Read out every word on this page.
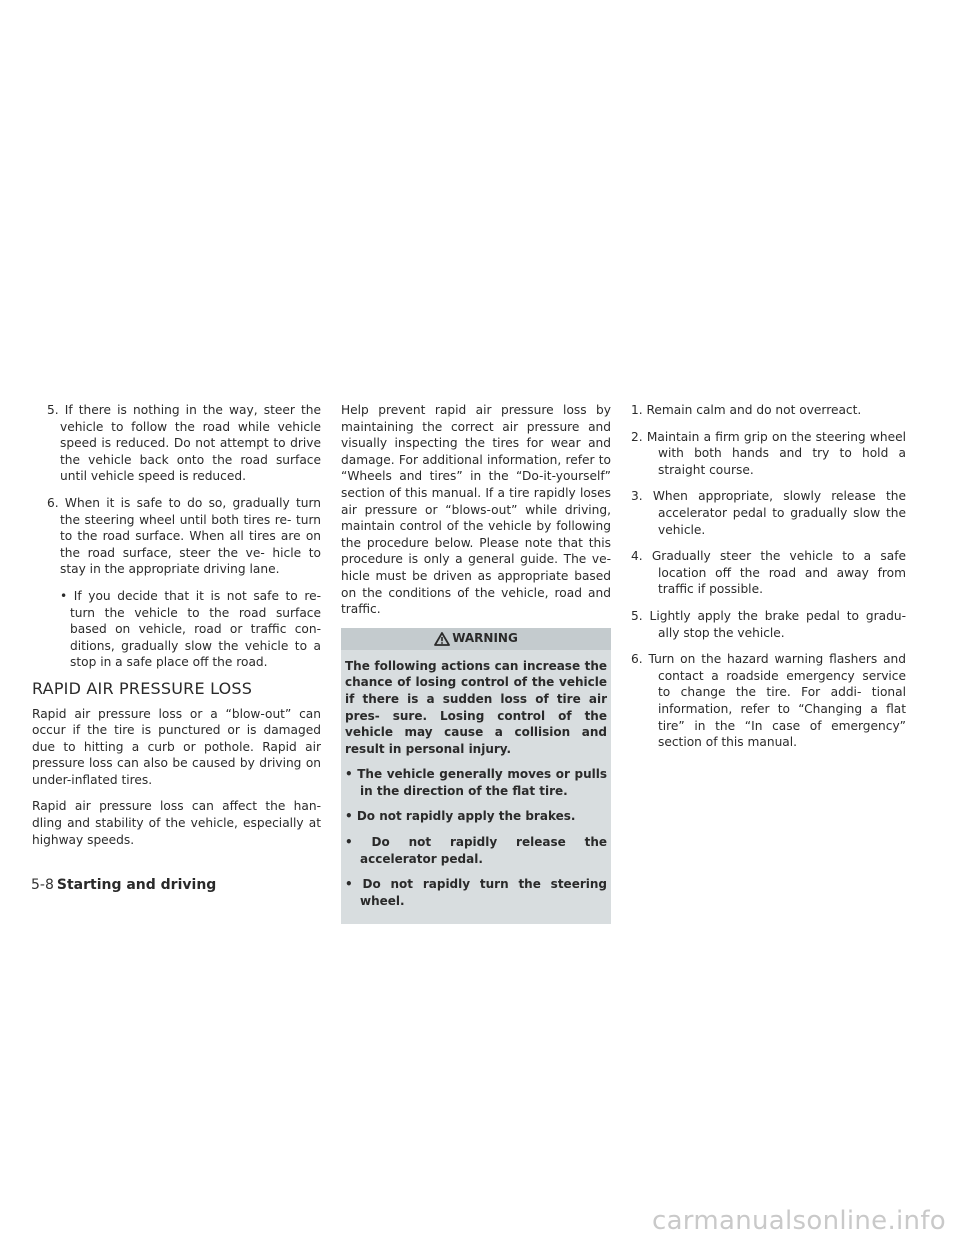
5. If there is nothing in the way, steer the vehicle to follow the road while vehicle speed is reduced. Do not attempt to drive the vehicle back onto the road surface until vehicle speed is reduced.

6. When it is safe to do so, gradually turn the steering wheel until both tires re- turn to the road surface. When all tires are on the road surface, steer the ve- hicle to stay in the appropriate driving lane.

• If you decide that it is not safe to re- turn the vehicle to the road surface based on vehicle, road or traffic con- ditions, gradually slow the vehicle to a stop in a safe place off the road.

RAPID AIR PRESSURE LOSS

Rapid air pressure loss or a “blow-out” can occur if the tire is punctured or is damaged due to hitting a curb or pothole. Rapid air pressure loss can also be caused by driving on under-inflated tires.

Rapid air pressure loss can affect the han- dling and stability of the vehicle, especially at highway speeds.

Help prevent rapid air pressure loss by maintaining the correct air pressure and visually inspecting the tires for wear and damage. For additional information, refer to “Wheels and tires” in the “Do-it-yourself” section of this manual. If a tire rapidly loses air pressure or “blows-out” while driving, maintain control of the vehicle by following the procedure below. Please note that this procedure is only a general guide. The ve- hicle must be driven as appropriate based on the conditions of the vehicle, road and traffic.

WARNING

The following actions can increase the chance of losing control of the vehicle if there is a sudden loss of tire air pres- sure. Losing control of the vehicle may cause a collision and result in personal injury.

• The vehicle generally moves or pulls in the direction of the flat tire.

• Do not rapidly apply the brakes.

• Do not rapidly release the accelerator pedal.

• Do not rapidly turn the steering wheel.

1. Remain calm and do not overreact.

2. Maintain a firm grip on the steering wheel with both hands and try to hold a straight course.

3. When appropriate, slowly release the accelerator pedal to gradually slow the vehicle.

4. Gradually steer the vehicle to a safe location off the road and away from traffic if possible.

5. Lightly apply the brake pedal to gradu- ally stop the vehicle.

6. Turn on the hazard warning flashers and contact a roadside emergency service to change the tire. For addi- tional information, refer to “Changing a flat tire” in the “In case of emergency” section of this manual.

5-8 Starting and driving
carmanualsonline.info
